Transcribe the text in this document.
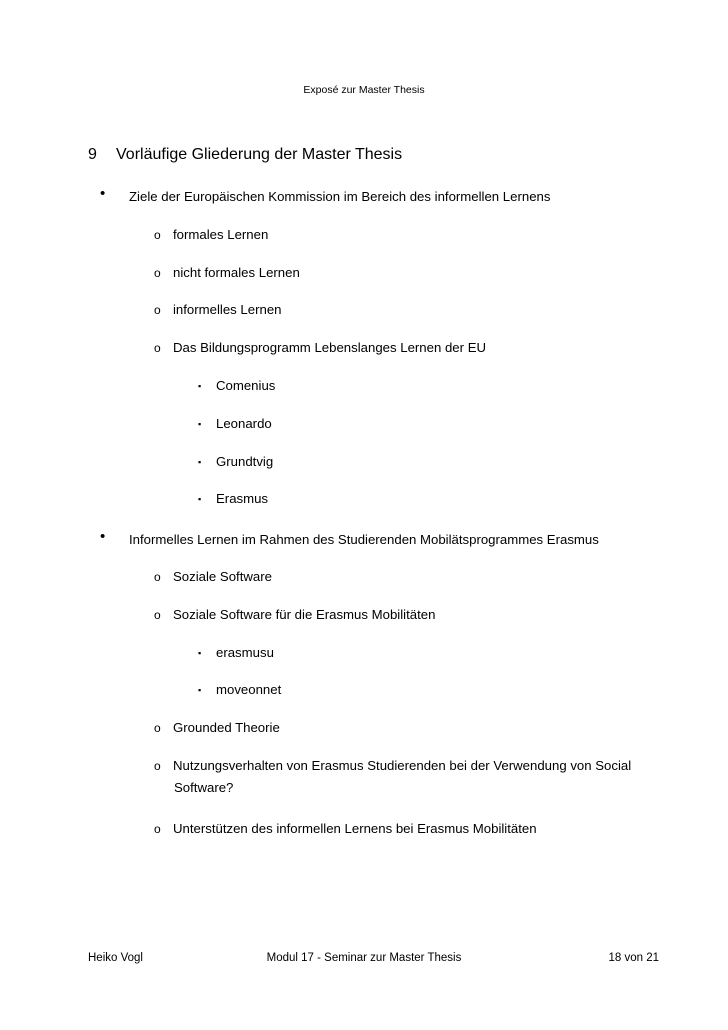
Exposé zur Master Thesis
9 Vorläufige Gliederung der Master Thesis
• Ziele der Europäischen Kommission im Bereich des informellen Lernens
o formales Lernen
o nicht formales Lernen
o informelles Lernen
o Das Bildungsprogramm Lebenslanges Lernen der EU
▪ Comenius
▪ Leonardo
▪ Grundtvig
▪ Erasmus
• Informelles Lernen im Rahmen des Studierenden Mobilätsprogrammes Erasmus
o Soziale Software
o Soziale Software für die Erasmus Mobilitäten
▪ erasmusu
▪ moveonnet
o Grounded Theorie
o Nutzungsverhalten von Erasmus Studierenden bei der Verwendung von Social
Software?
o Unterstützen des informellen Lernens bei Erasmus Mobilitäten
Heiko Vogl	Modul 17 - Seminar zur Master Thesis	18 von 21
